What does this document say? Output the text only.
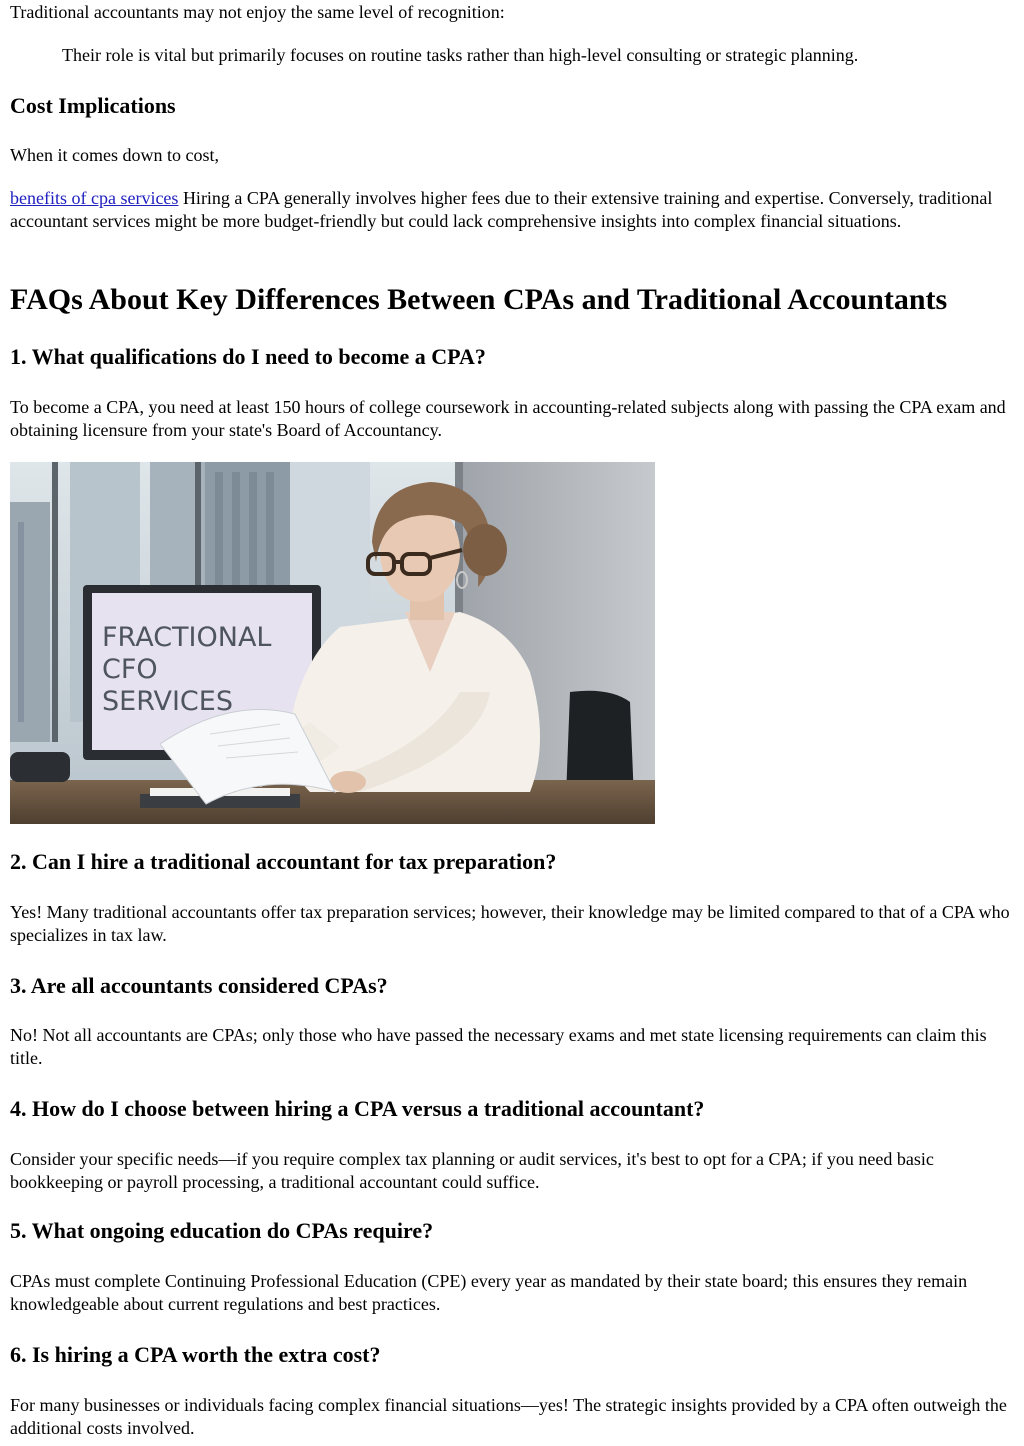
Traditional accountants may not enjoy the same level of recognition:

Their role is vital but primarily focuses on routine tasks rather than high-level consulting or strategic planning.

Cost Implications

When it comes down to cost,

benefits of cpa services Hiring a CPA generally involves higher fees due to their extensive training and expertise. Conversely, traditional accountant services might be more budget-friendly but could lack comprehensive insights into complex financial situations.

FAQs About Key Differences Between CPAs and Traditional Accountants
1. What qualifications do I need to become a CPA?

To become a CPA, you need at least 150 hours of college coursework in accounting-related subjects along with passing the CPA exam and obtaining licensure from your state's Board of Accountancy.

FRACTIONAL
CFO
SERVICES
2. Can I hire a traditional accountant for tax preparation?

Yes! Many traditional accountants offer tax preparation services; however, their knowledge may be limited compared to that of a CPA who specializes in tax law.

3. Are all accountants considered CPAs?

No! Not all accountants are CPAs; only those who have passed the necessary exams and met state licensing requirements can claim this title.

4. How do I choose between hiring a CPA versus a traditional accountant?

Consider your specific needs—if you require complex tax planning or audit services, it's best to opt for a CPA; if you need basic bookkeeping or payroll processing, a traditional accountant could suffice.

5. What ongoing education do CPAs require?

CPAs must complete Continuing Professional Education (CPE) every year as mandated by their state board; this ensures they remain knowledgeable about current regulations and best practices.

6. Is hiring a CPA worth the extra cost?

For many businesses or individuals facing complex financial situations—yes! The strategic insights provided by a CPA often outweigh the additional costs involved.
